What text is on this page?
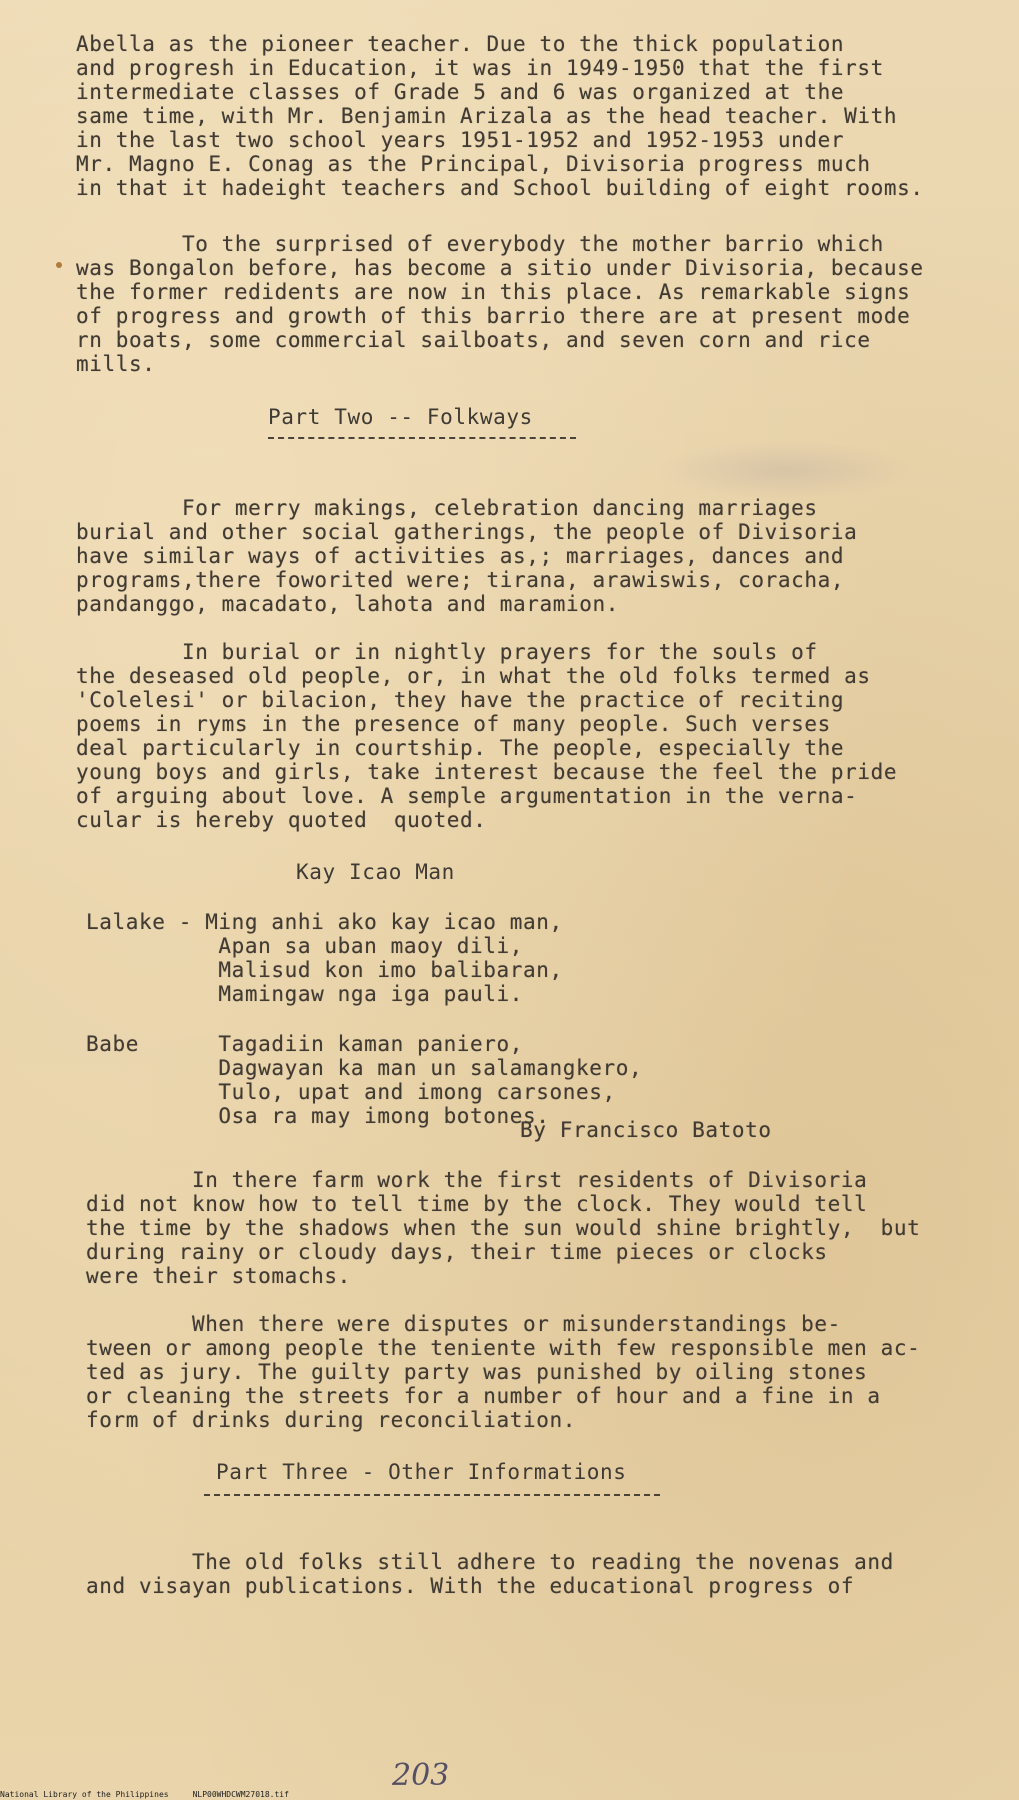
Abella as the pioneer teacher. Due to the thick population
and progresh in Education, it was in 1949-1950 that the first
intermediate classes of Grade 5 and 6 was organized at the
same time, with Mr. Benjamin Arizala as the head teacher. With
in the last two school years 1951-1952 and 1952-1953 under
Mr. Magno E. Conag as the Principal, Divisoria progress much
in that it hadeight teachers and School building of eight rooms.
To the surprised of everybody the mother barrio which
was Bongalon before, has become a sitio under Divisoria, because
the former redidents are now in this place. As remarkable signs
of progress and growth of this barrio there are at present mode
rn boats, some commercial sailboats, and seven corn and rice
mills.
Part Two -- Folkways
For merry makings, celebration dancing marriages
burial and other social gatherings, the people of Divisoria
have similar ways of activities as,; marriages, dances and
programs,there foworited were; tirana, arawiswis, coracha,
pandanggo, macadato, lahota and maramion.
In burial or in nightly prayers for the souls of
the deseased old people, or, in what the old folks termed as
'Colelesi' or bilacion, they have the practice of reciting
poems in ryms in the presence of many people. Such verses
deal particularly in courtship. The people, especially the
young boys and girls, take interest because the feel the pride
of arguing about love. A semple argumentation in the verna-
cular is hereby quoted  quoted.
Kay Icao Man
Lalake - Ming anhi ako kay icao man,
Apan sa uban maoy dili,
Malisud kon imo balibaran,
Mamingaw nga iga pauli.
Babe      Tagadiin kaman paniero,
Dagwayan ka man un salamangkero,
Tulo, upat and imong carsones,
Osa ra may imong botones.
By Francisco Batoto
In there farm work the first residents of Divisoria
did not know how to tell time by the clock. They would tell
the time by the shadows when the sun would shine brightly,  but
during rainy or cloudy days, their time pieces or clocks
were their stomachs.
When there were disputes or misunderstandings be-
tween or among people the teniente with few responsible men ac-
ted as jury. The guilty party was punished by oiling stones
or cleaning the streets for a number of hour and a fine in a
form of drinks during reconciliation.
Part Three - Other Informations
The old folks still adhere to reading the novenas and
and visayan publications. With the educational progress of
203
National Library of the Philippines	NLP00WHDCWM27018.tif
